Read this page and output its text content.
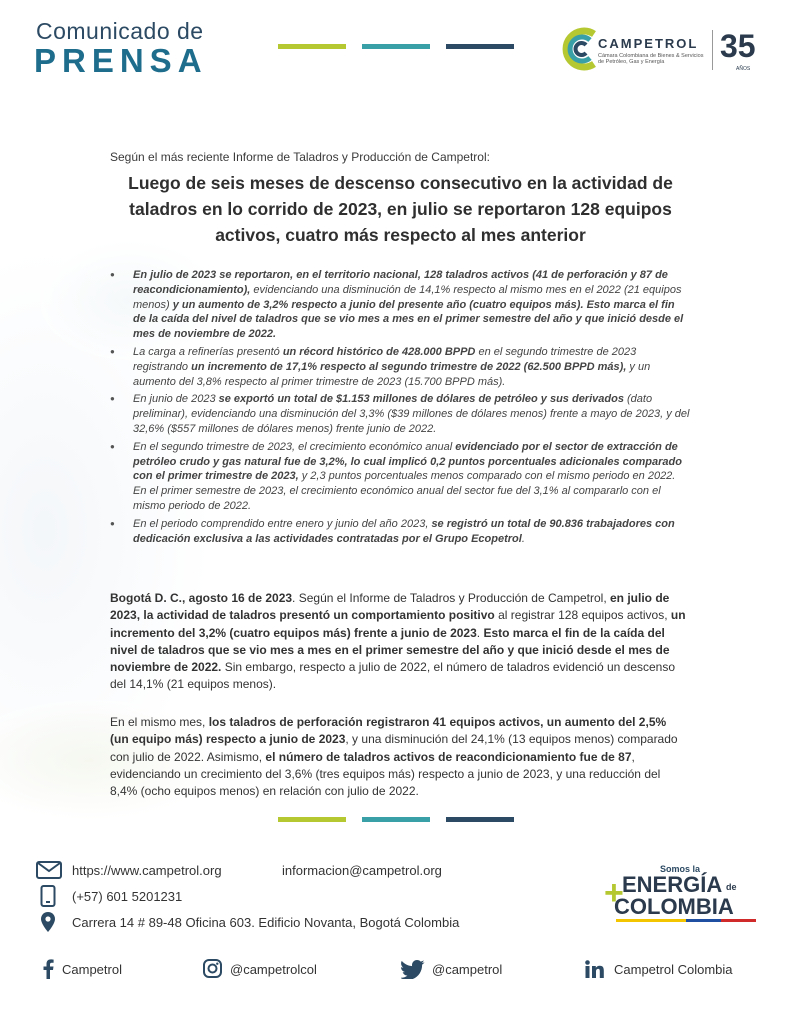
Comunicado de
PRENSA	CAMPETROL
Cámara Colombiana de Bienes & Servicios de Petróleo, Gas y Energía	35
AÑOS
Según el más reciente Informe de Taladros y Producción de Campetrol:
Luego de seis meses de descenso consecutivo en la actividad de taladros en lo corrido de 2023, en julio se reportaron 128 equipos activos, cuatro más respecto al mes anterior
● En julio de 2023 se reportaron, en el territorio nacional, 128 taladros activos (41 de perforación y 87 de reacondicionamiento), evidenciando una disminución de 14,1% respecto al mismo mes en el 2022 (21 equipos menos) y un aumento de 3,2% respecto a junio del presente año (cuatro equipos más). Esto marca el fin de la caída del nivel de taladros que se vio mes a mes en el primer semestre del año y que inició desde el mes de noviembre de 2022.
● La carga a refinerías presentó un récord histórico de 428.000 BPPD en el segundo trimestre de 2023 registrando un incremento de 17,1% respecto al segundo trimestre de 2022 (62.500 BPPD más), y un aumento del 3,8% respecto al primer trimestre de 2023 (15.700 BPPD más).
● En junio de 2023 se exportó un total de $1.153 millones de dólares de petróleo y sus derivados (dato preliminar), evidenciando una disminución del 3,3% ($39 millones de dólares menos) frente a mayo de 2023, y del 32,6% ($557 millones de dólares menos) frente junio de 2022.
● En el segundo trimestre de 2023, el crecimiento económico anual evidenciado por el sector de extracción de petróleo crudo y gas natural fue de 3,2%, lo cual implicó 0,2 puntos porcentuales adicionales comparado con el primer trimestre de 2023, y 2,3 puntos porcentuales menos comparado con el mismo periodo en 2022. En el primer semestre de 2023, el crecimiento económico anual del sector fue del 3,1% al compararlo con el mismo periodo de 2022.
● En el periodo comprendido entre enero y junio del año 2023, se registró un total de 90.836 trabajadores con dedicación exclusiva a las actividades contratadas por el Grupo Ecopetrol.

Bogotá D. C., agosto 16 de 2023. Según el Informe de Taladros y Producción de Campetrol, en julio de 2023, la actividad de taladros presentó un comportamiento positivo al registrar 128 equipos activos, un incremento del 3,2% (cuatro equipos más) frente a junio de 2023. Esto marca el fin de la caída del nivel de taladros que se vio mes a mes en el primer semestre del año y que inició desde el mes de noviembre de 2022. Sin embargo, respecto a julio de 2022, el número de taladros evidenció un descenso del 14,1% (21 equipos menos).

En el mismo mes, los taladros de perforación registraron 41 equipos activos, un aumento del 2,5% (un equipo más) respecto a junio de 2023, y una disminución del 24,1% (13 equipos menos) comparado con julio de 2022. Asimismo, el número de taladros activos de reacondicionamiento fue de 87, evidenciando un crecimiento del 3,6% (tres equipos más) respecto a junio de 2023, y una reducción del 8,4% (ocho equipos menos) en relación con julio de 2022.

https://www.campetrol.org	informacion@campetrol.org
(+57) 601 5201231
Carrera 14 # 89-48 Oficina 603. Edificio Novanta, Bogotá Colombia
+
Somos la
ENERGÍA de
COLOMBIA
Campetrol	@campetrolcol	@campetrol	Campetrol Colombia
